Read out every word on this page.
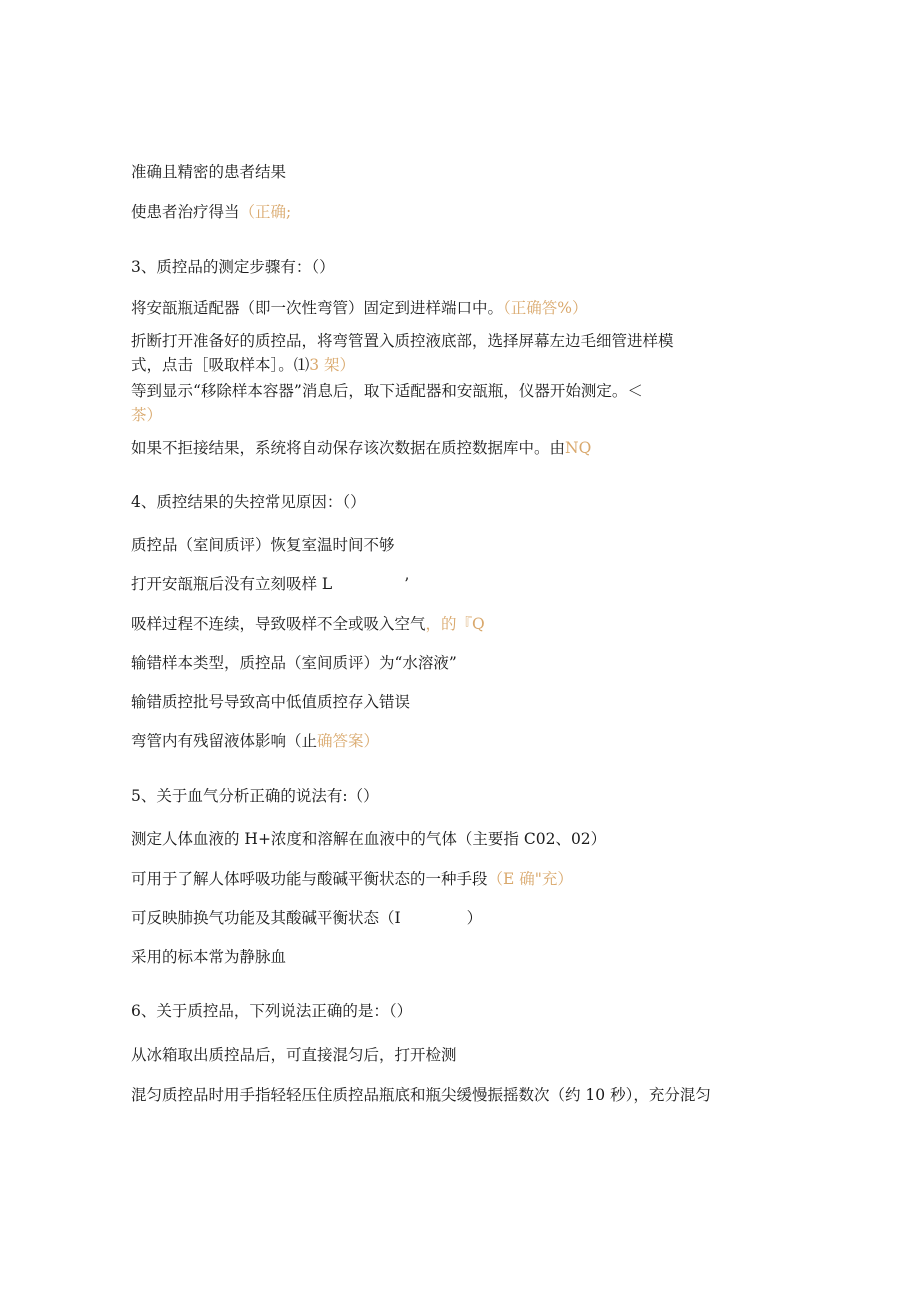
准确且精密的患者结果
使患者治疗得当（正确;
3、质控品的测定步骤有：（）
将安瓿瓶适配器（即一次性弯管）固定到进样端口中。（正确答%）
折断打开准备好的质控品，将弯管置入质控液底部，选择屏幕左边毛细管进样模
式，点击［吸取样本］。⑴3 架）
等到显示“移除样本容器”消息后，取下适配器和安瓿瓶，仪器开始测定。＜
茶）
如果不拒接结果，系统将自动保存该次数据在质控数据库中。由NQ
4、质控结果的失控常见原因：（）
质控品（室间质评）恢复室温时间不够
打开安瓿瓶后没有立刻吸样 L	’
吸样过程不连续，导致吸样不全或吸入空气，的『Q
输错样本类型，质控品（室间质评）为“水溶液”
输错质控批号导致高中低值质控存入错误
弯管内有残留液体影响（止确答案）
5、关于血气分析正确的说法有:（）
测定人体血液的 H+浓度和溶解在血液中的气体（主要指 C02、02）
可用于了解人体呼吸功能与酸碱平衡状态的一种手段（E 确"充）
可反映肺换气功能及其酸碱平衡状态（I	）
采用的标本常为静脉血
6、关于质控品，下列说法正确的是：（）
从冰箱取出质控品后，可直接混匀后，打开检测
混匀质控品时用手指轻轻压住质控品瓶底和瓶尖缓慢振摇数次（约 10 秒），充分混匀
